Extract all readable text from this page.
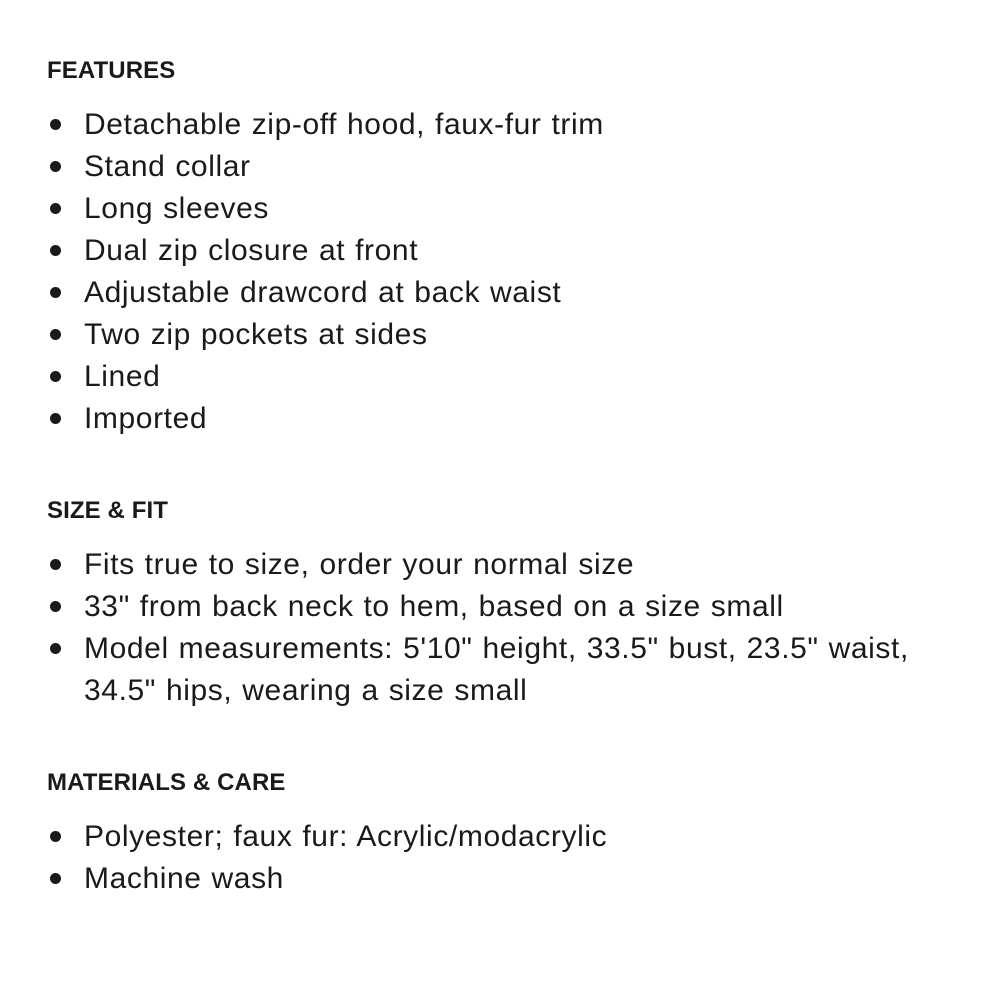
FEATURES
Detachable zip-off hood, faux-fur trim
Stand collar
Long sleeves
Dual zip closure at front
Adjustable drawcord at back waist
Two zip pockets at sides
Lined
Imported
SIZE & FIT
Fits true to size, order your normal size
33" from back neck to hem, based on a size small
Model measurements: 5'10" height, 33.5" bust, 23.5" waist, 34.5" hips, wearing a size small
MATERIALS & CARE
Polyester; faux fur: Acrylic/modacrylic
Machine wash
